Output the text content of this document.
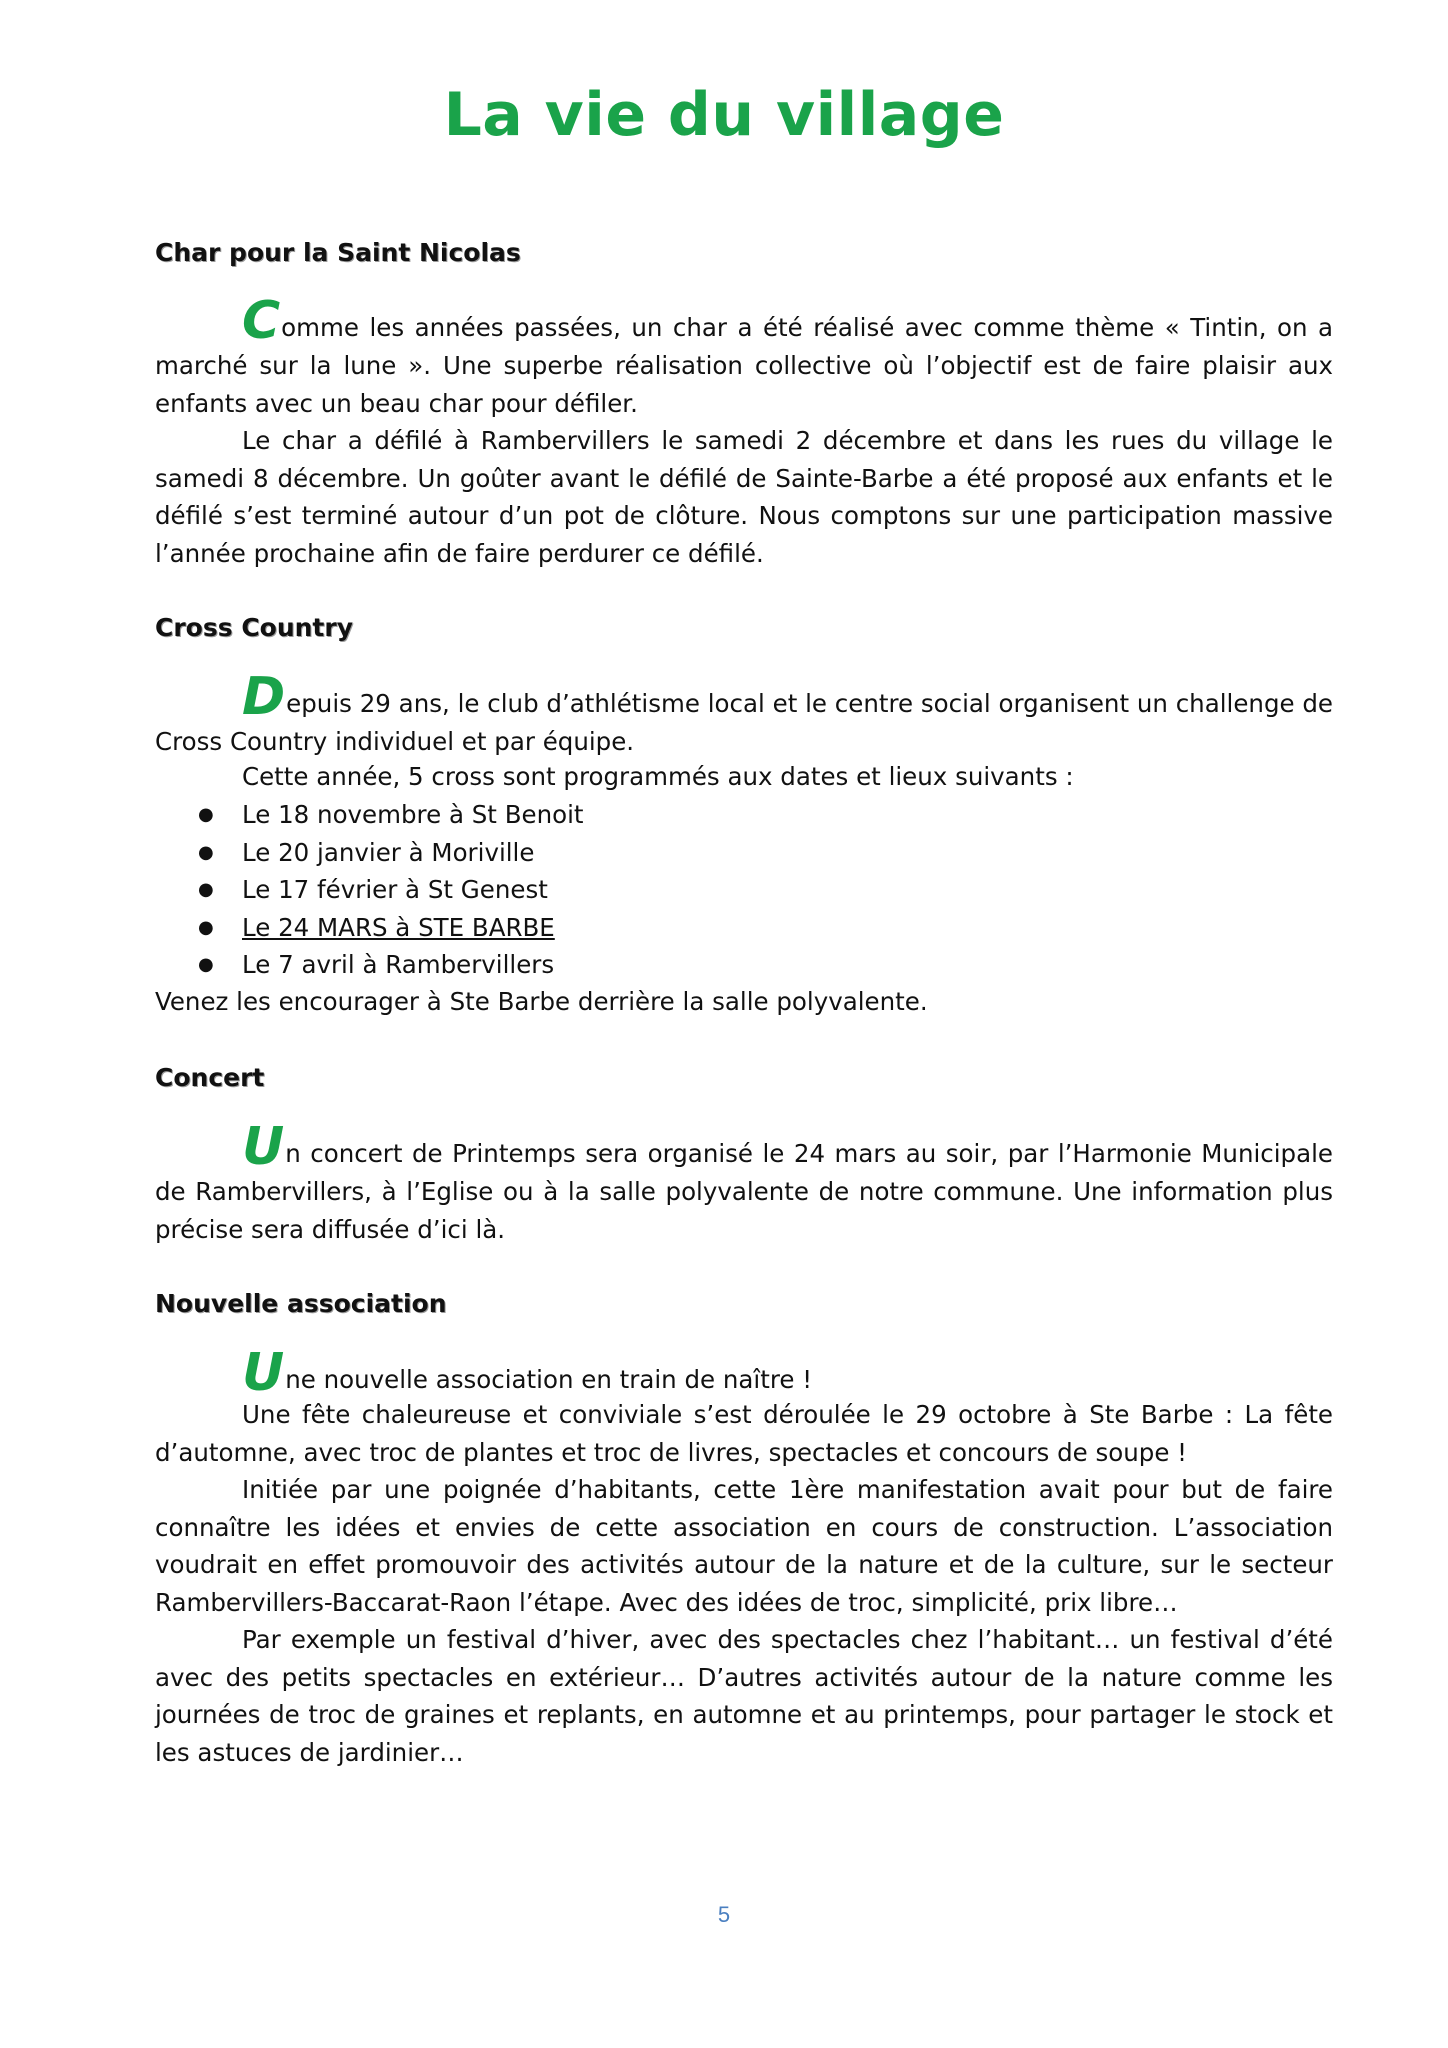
La vie du village
Char pour la Saint Nicolas

Comme les années passées, un char a été réalisé avec comme thème « Tintin, on a marché sur la lune ». Une superbe réalisation collective où l’objectif est de faire plaisir aux enfants avec un beau char pour défiler.

Le char a défilé à Rambervillers le samedi 2 décembre et dans les rues du village le samedi 8 décembre. Un goûter avant le défilé de Sainte-Barbe a été proposé aux enfants et le défilé s’est terminé autour d’un pot de clôture. Nous comptons sur une participation massive l’année prochaine afin de faire perdurer ce défilé.

Cross Country

Depuis 29 ans, le club d’athlétisme local et le centre social organisent un challenge de Cross Country individuel et par équipe.

Cette année, 5 cross sont programmés aux dates et lieux suivants :

● Le 18 novembre à St Benoit
● Le 20 janvier à Moriville
● Le 17 février à St Genest
● Le 24 MARS à STE BARBE
● Le 7 avril à Rambervillers

Venez les encourager à Ste Barbe derrière la salle polyvalente.

Concert

Un concert de Printemps sera organisé le 24 mars au soir, par l’Harmonie Municipale de Rambervillers, à l’Eglise ou à la salle polyvalente de notre commune. Une information plus précise sera diffusée d’ici là.

Nouvelle association

Une nouvelle association en train de naître !

Une fête chaleureuse et conviviale s’est déroulée le 29 octobre à Ste Barbe : La fête d’automne, avec troc de plantes et troc de livres, spectacles et concours de soupe !

Initiée par une poignée d’habitants, cette 1ère manifestation avait pour but de faire connaître les idées et envies de cette association en cours de construction. L’association voudrait en effet promouvoir des activités autour de la nature et de la culture, sur le secteur Rambervillers-Baccarat-Raon l’étape. Avec des idées de troc, simplicité, prix libre…

Par exemple un festival d’hiver, avec des spectacles chez l’habitant… un festival d’été avec des petits spectacles en extérieur… D’autres activités autour de la nature comme les journées de troc de graines et replants, en automne et au printemps, pour partager le stock et les astuces de jardinier…

5
